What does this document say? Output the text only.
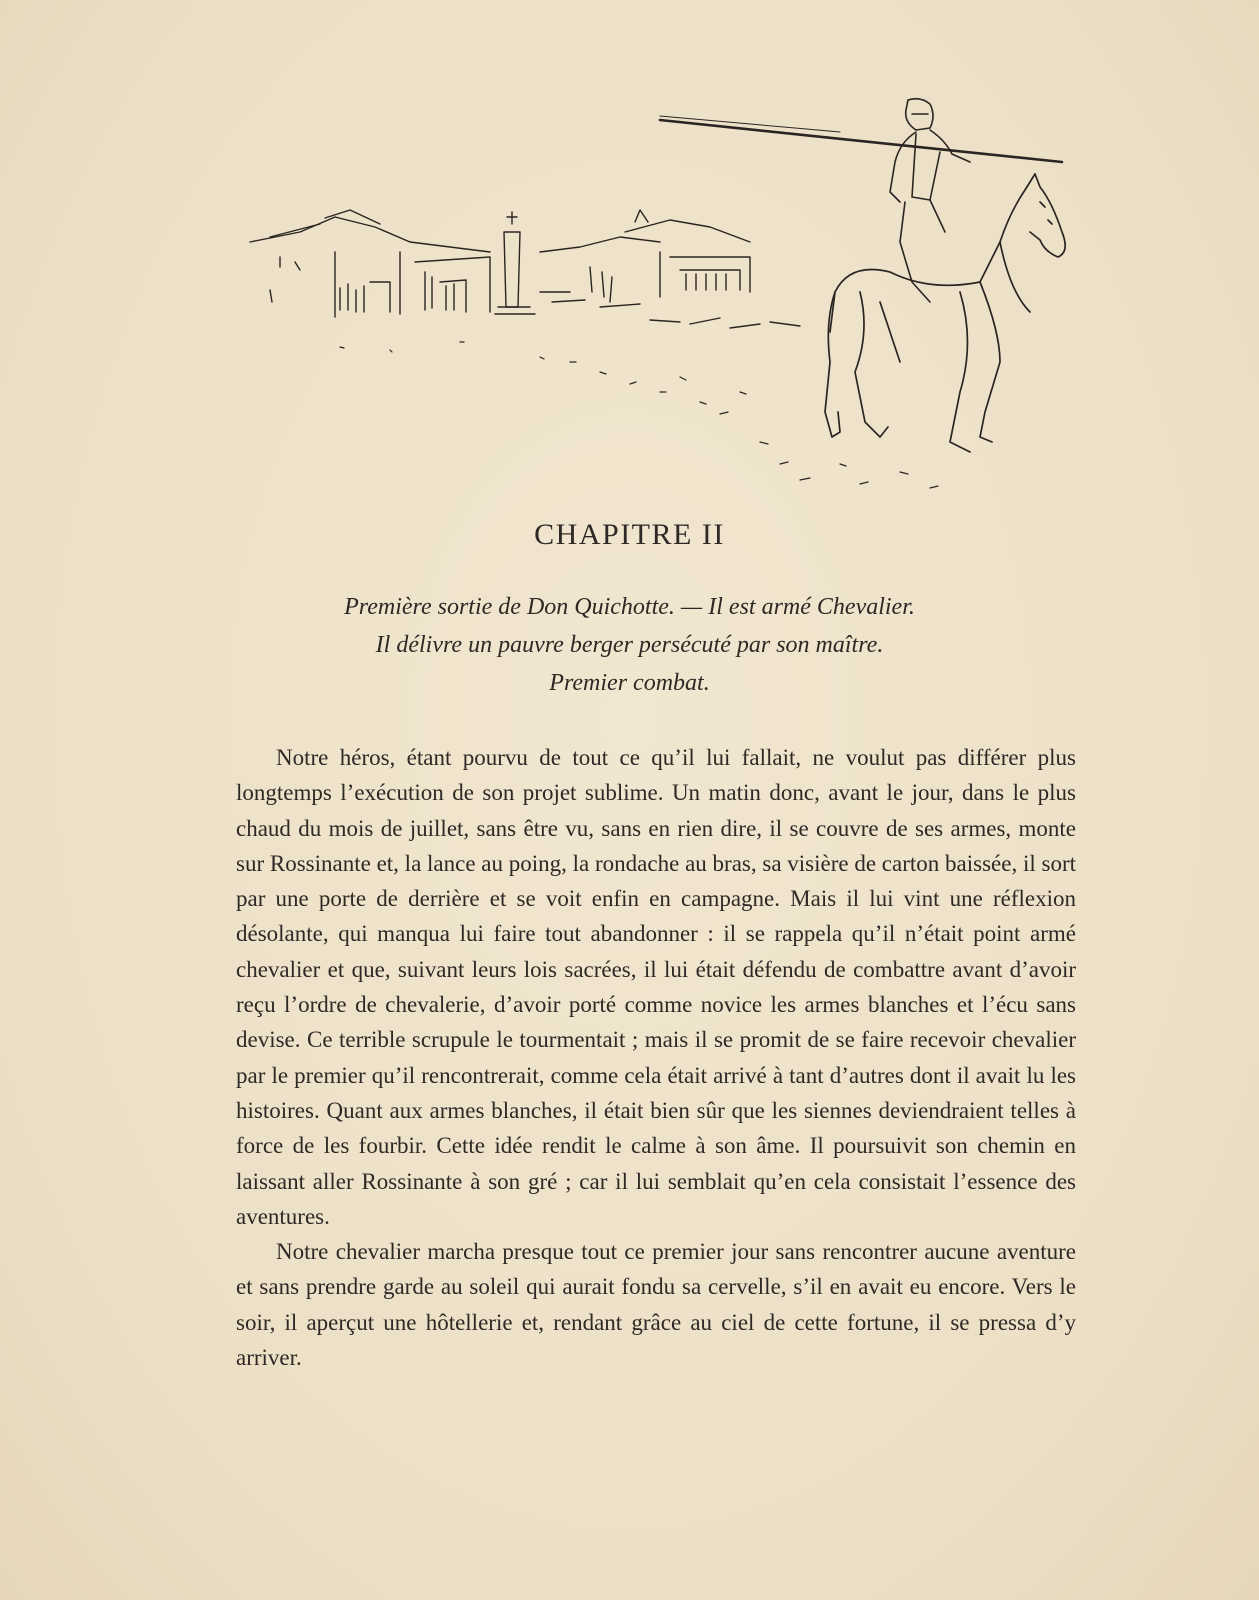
CHAPITRE II
Première sortie de Don Quichotte. — Il est armé Chevalier.
Il délivre un pauvre berger persécuté par son maître.
Premier combat.

Notre héros, étant pourvu de tout ce qu’il lui fallait, ne voulut pas différer plus longtemps l’exécution de son projet sublime. Un matin donc, avant le jour, dans le plus chaud du mois de juillet, sans être vu, sans en rien dire, il se couvre de ses armes, monte sur Rossinante et, la lance au poing, la rondache au bras, sa visière de carton baissée, il sort par une porte de derrière et se voit enfin en campagne. Mais il lui vint une réflexion désolante, qui manqua lui faire tout abandonner : il se rappela qu’il n’était point armé chevalier et que, suivant leurs lois sacrées, il lui était défendu de combattre avant d’avoir reçu l’ordre de chevalerie, d’avoir porté comme novice les armes blanches et l’écu sans devise. Ce terrible scrupule le tourmentait ; mais il se promit de se faire recevoir chevalier par le premier qu’il rencontrerait, comme cela était arrivé à tant d’autres dont il avait lu les histoires. Quant aux armes blanches, il était bien sûr que les siennes deviendraient telles à force de les fourbir. Cette idée rendit le calme à son âme. Il poursuivit son chemin en laissant aller Rossinante à son gré ; car il lui semblait qu’en cela consistait l’essence des aventures.

Notre chevalier marcha presque tout ce premier jour sans rencontrer aucune aventure et sans prendre garde au soleil qui aurait fondu sa cervelle, s’il en avait eu encore. Vers le soir, il aperçut une hôtellerie et, rendant grâce au ciel de cette fortune, il se pressa d’y arriver.
